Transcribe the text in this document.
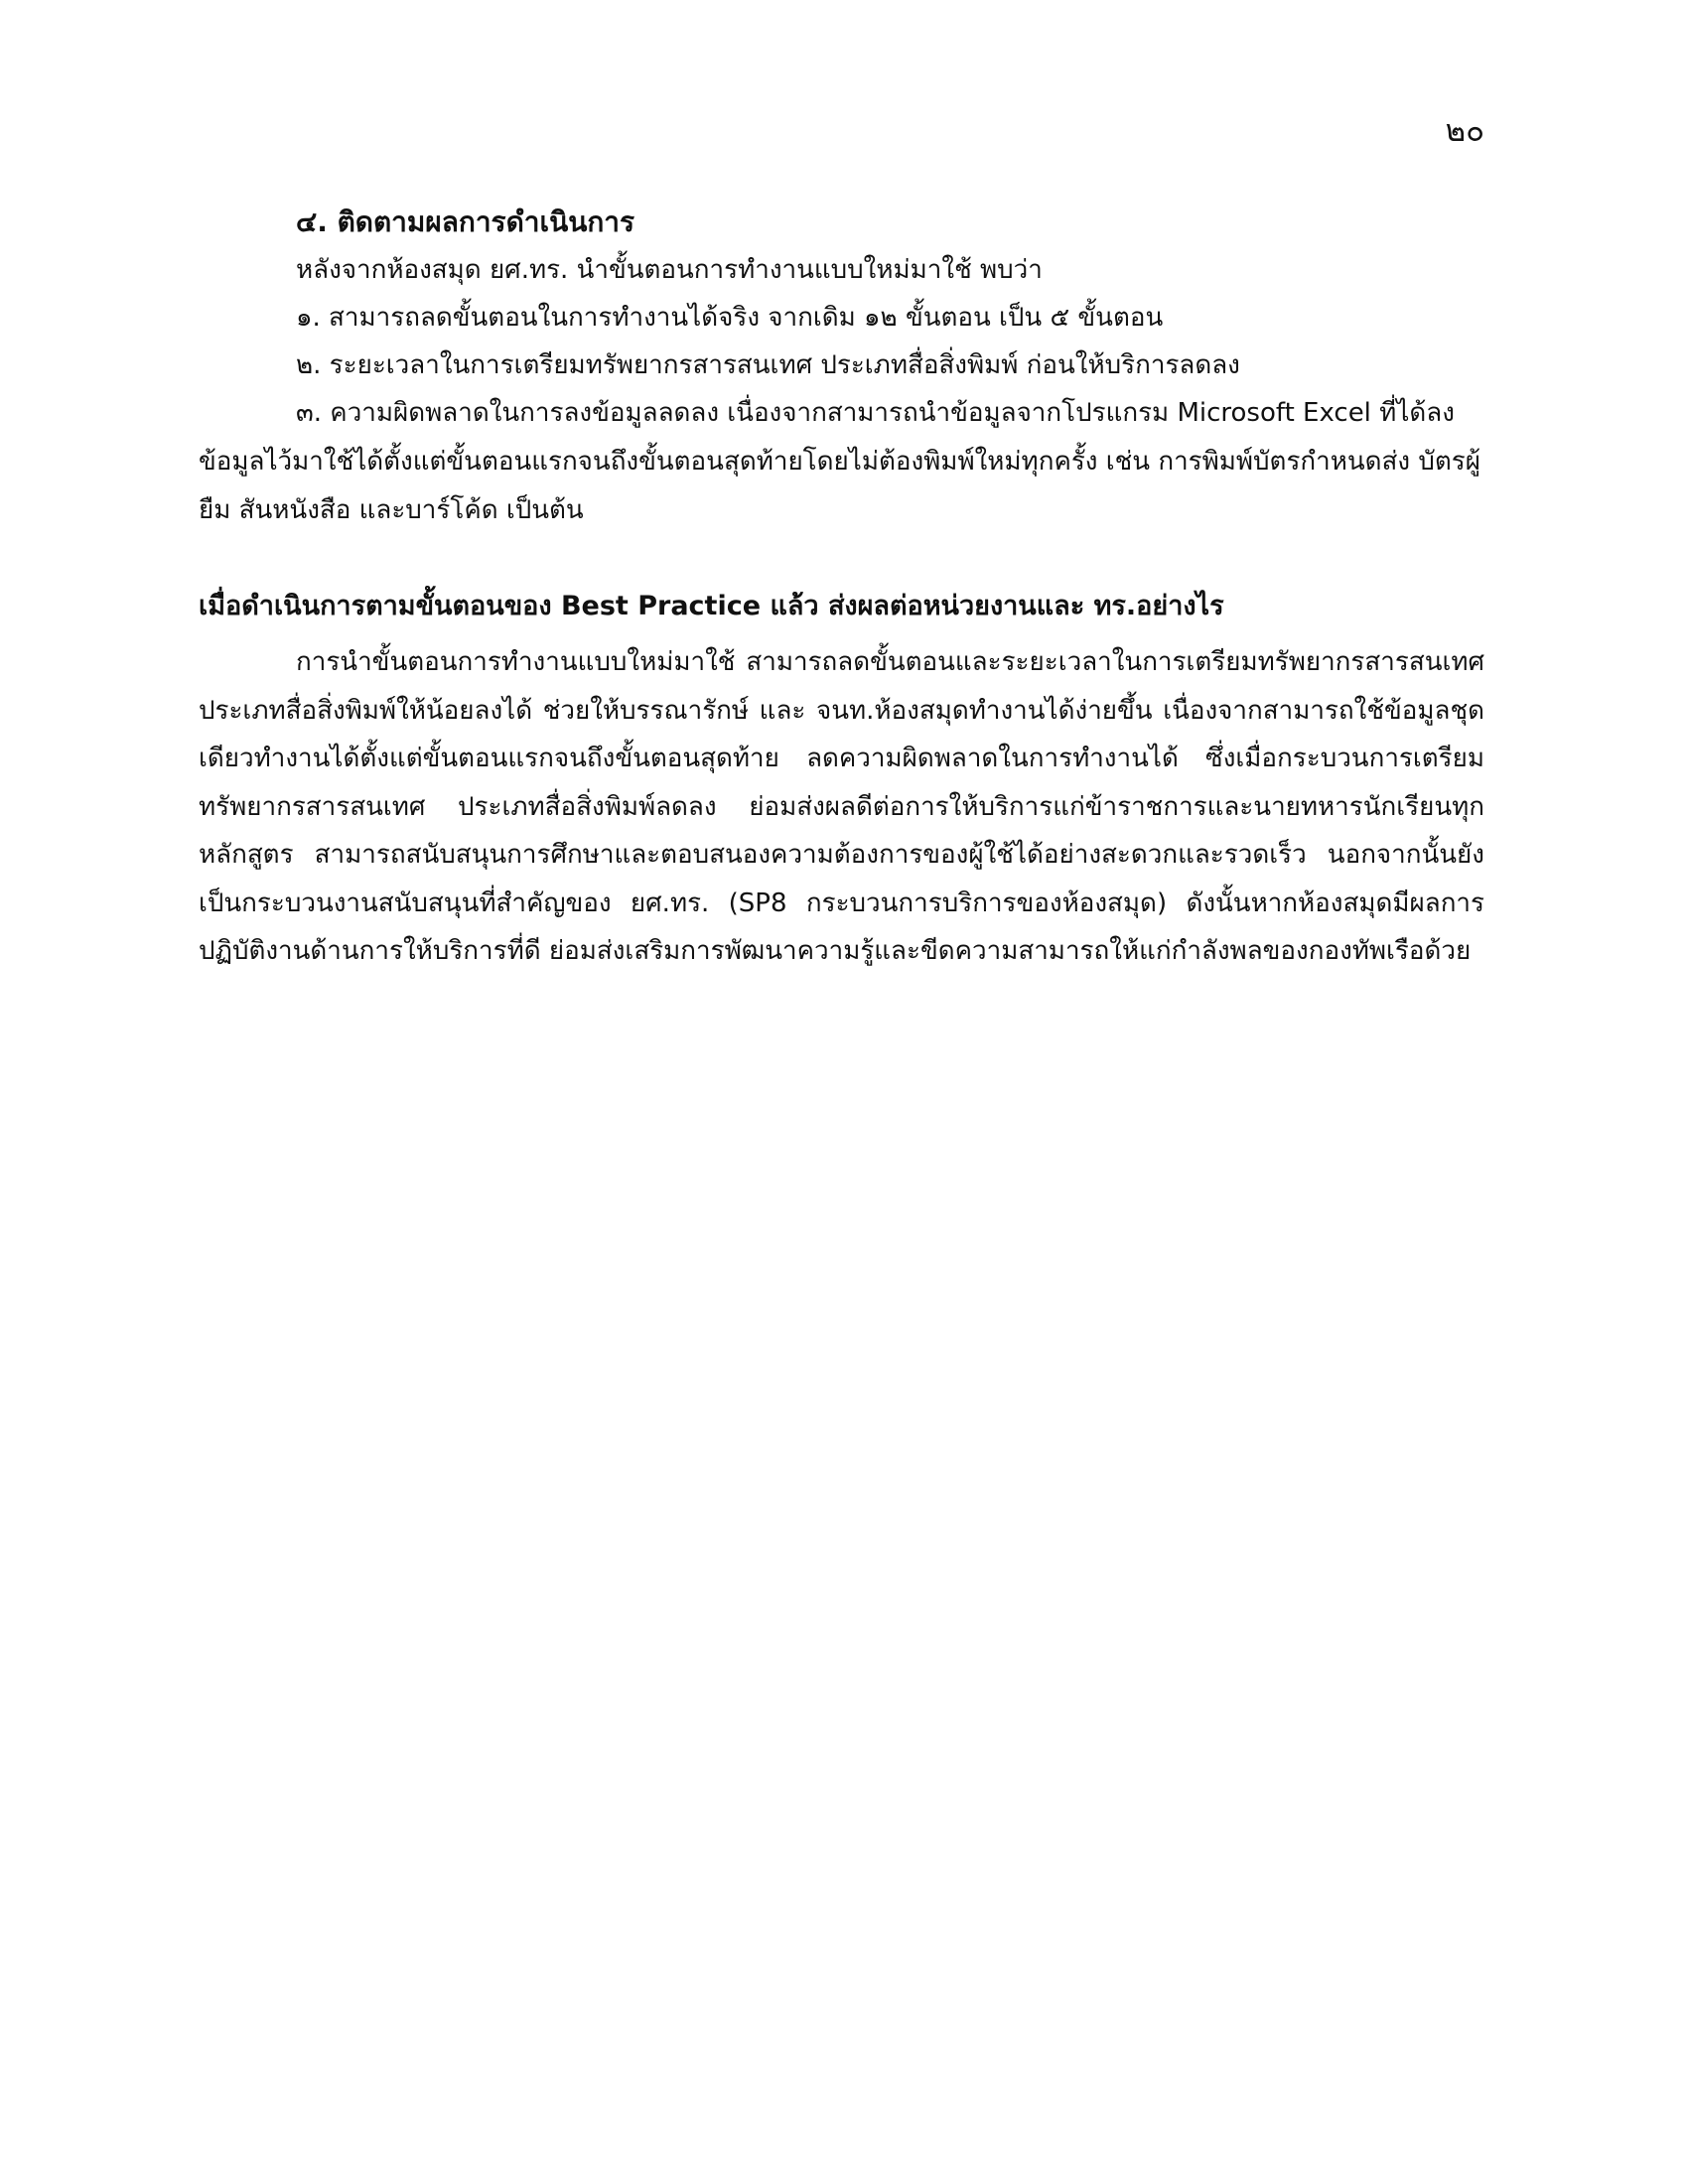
๒๐
๔. ติดตามผลการดำเนินการ
หลังจากห้องสมุด ยศ.ทร. นำขั้นตอนการทำงานแบบใหม่มาใช้ พบว่า
๑. สามารถลดขั้นตอนในการทำงานได้จริง จากเดิม ๑๒ ขั้นตอน เป็น ๕ ขั้นตอน
๒. ระยะเวลาในการเตรียมทรัพยากรสารสนเทศ ประเภทสื่อสิ่งพิมพ์ ก่อนให้บริการลดลง

๓. ความผิดพลาดในการลงข้อมูลลดลง เนื่องจากสามารถนำข้อมูลจากโปรแกรม Microsoft Excel ที่ได้ลงข้อมูลไว้มาใช้ได้ตั้งแต่ขั้นตอนแรกจนถึงขั้นตอนสุดท้ายโดยไม่ต้องพิมพ์ใหม่ทุกครั้ง เช่น การพิมพ์บัตรกำหนดส่ง บัตรผู้ยืม สันหนังสือ และบาร์โค้ด เป็นต้น

เมื่อดำเนินการตามขั้นตอนของ Best Practice แล้ว ส่งผลต่อหน่วยงานและ ทร.อย่างไร

การนำขั้นตอนการทำงานแบบใหม่มาใช้ สามารถลดขั้นตอนและระยะเวลาในการเตรียมทรัพยากรสารสนเทศ ประเภทสื่อสิ่งพิมพ์ให้น้อยลงได้ ช่วยให้บรรณารักษ์ และ จนท.ห้องสมุดทำงานได้ง่ายขึ้น เนื่องจากสามารถใช้ข้อมูลชุดเดียวทำงานได้ตั้งแต่ขั้นตอนแรกจนถึงขั้นตอนสุดท้าย ลดความผิดพลาดในการทำงานได้ ซึ่งเมื่อกระบวนการเตรียมทรัพยากรสารสนเทศ ประเภทสื่อสิ่งพิมพ์ลดลง ย่อมส่งผลดีต่อการให้บริการแก่ข้าราชการและนายทหารนักเรียนทุกหลักสูตร สามารถสนับสนุนการศึกษาและตอบสนองความต้องการของผู้ใช้ได้อย่างสะดวกและรวดเร็ว นอกจากนั้นยังเป็นกระบวนงานสนับสนุนที่สำคัญของ ยศ.ทร. (SP8 กระบวนการบริการของห้องสมุด) ดังนั้นหากห้องสมุดมีผลการปฏิบัติงานด้านการให้บริการที่ดี ย่อมส่งเสริมการพัฒนาความรู้และขีดความสามารถให้แก่กำลังพลของกองทัพเรือด้วย
